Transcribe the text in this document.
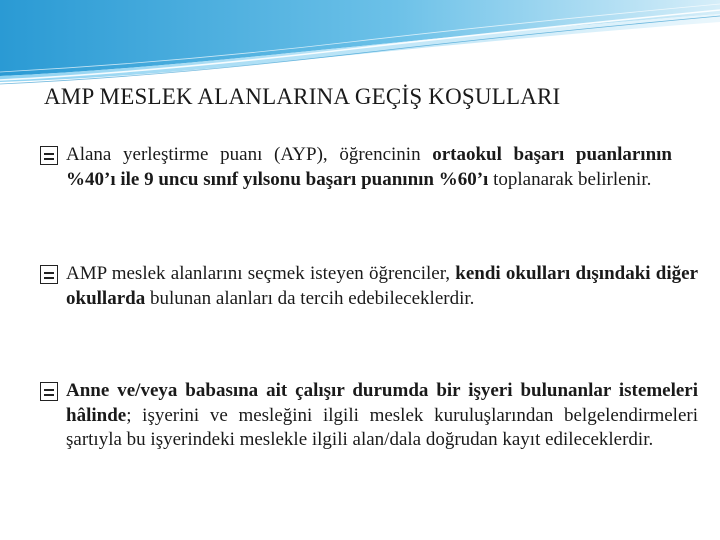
AMP MESLEK ALANLARINA GEÇİŞ KOŞULLARI

Alana yerleştirme puanı (AYP), öğrencinin ortaokul başarı puanlarının %40’ı ile 9 uncu sınıf yılsonu başarı puanının %60’ı toplanarak belirlenir.

AMP meslek alanlarını seçmek isteyen öğrenciler, kendi okulları dışındaki diğer okullarda bulunan alanları da tercih edebileceklerdir.

Anne ve/veya babasına ait çalışır durumda bir işyeri bulunanlar istemeleri hâlinde; işyerini ve mesleğini ilgili meslek kuruluşlarından belgelendirmeleri şartıyla bu işyerindeki meslekle ilgili alan/dala doğrudan kayıt edileceklerdir.
